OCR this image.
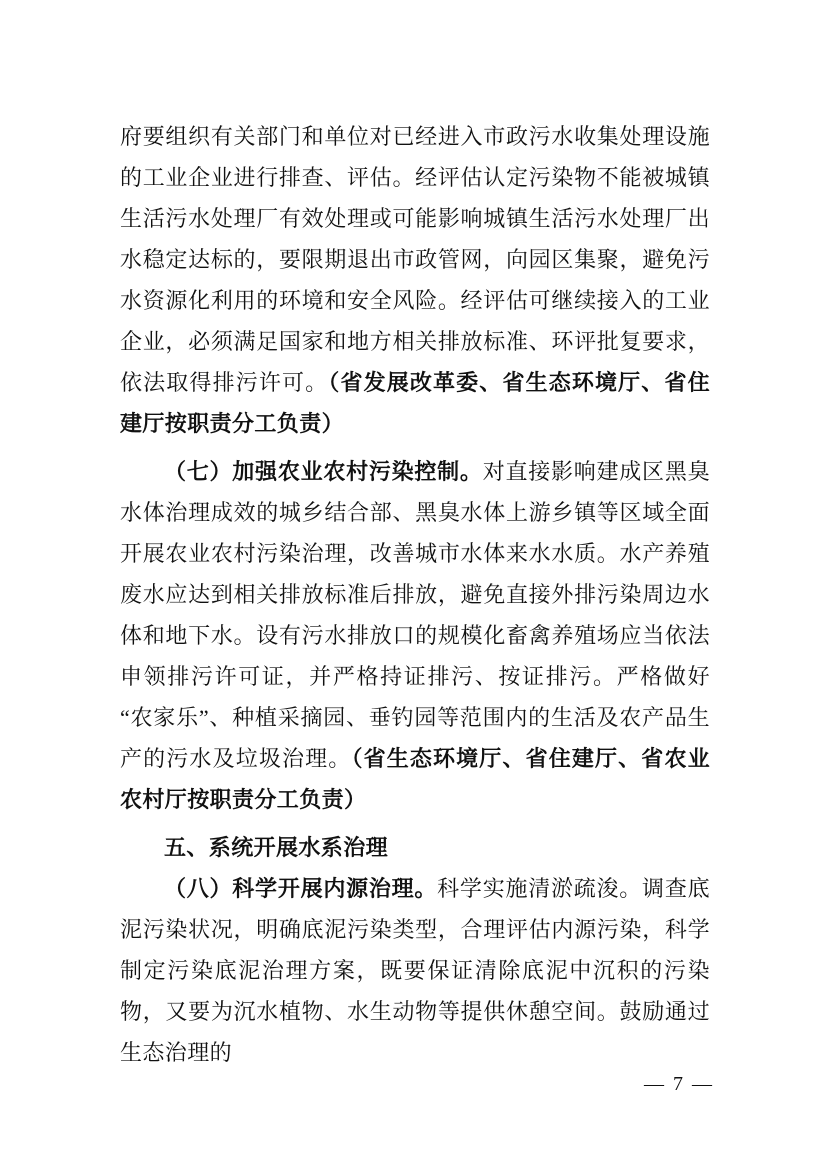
府要组织有关部门和单位对已经进入市政污水收集处理设施的工业企业进行排查、评估。经评估认定污染物不能被城镇生活污水处理厂有效处理或可能影响城镇生活污水处理厂出水稳定达标的，要限期退出市政管网，向园区集聚，避免污水资源化利用的环境和安全风险。经评估可继续接入的工业企业，必须满足国家和地方相关排放标准、环评批复要求，依法取得排污许可。（省发展改革委、省生态环境厅、省住建厅按职责分工负责）

（七）加强农业农村污染控制。对直接影响建成区黑臭水体治理成效的城乡结合部、黑臭水体上游乡镇等区域全面开展农业农村污染治理，改善城市水体来水水质。水产养殖废水应达到相关排放标准后排放，避免直接外排污染周边水体和地下水。设有污水排放口的规模化畜禽养殖场应当依法申领排污许可证，并严格持证排污、按证排污。严格做好“农家乐”、种植采摘园、垂钓园等范围内的生活及农产品生产的污水及垃圾治理。（省生态环境厅、省住建厅、省农业农村厅按职责分工负责）

五、系统开展水系治理

（八）科学开展内源治理。科学实施清淤疏浚。调查底泥污染状况，明确底泥污染类型，合理评估内源污染，科学制定污染底泥治理方案，既要保证清除底泥中沉积的污染物，又要为沉水植物、水生动物等提供休憩空间。鼓励通过生态治理的

— 7 —
